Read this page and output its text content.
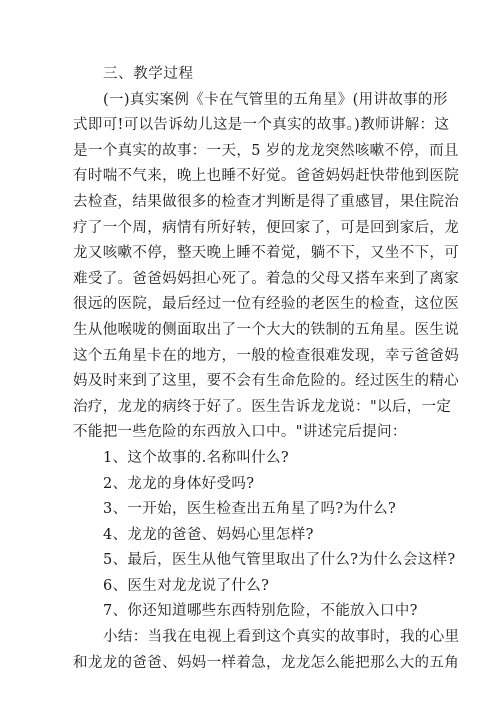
三、教学过程
(一)真实案例《卡在气管里的五角星》(用讲故事的形
式即可!可以告诉幼儿这是一个真实的故事。)教师讲解：这
是一个真实的故事：一天，5 岁的龙龙突然咳嗽不停，而且
有时喘不气来，晚上也睡不好觉。爸爸妈妈赶快带他到医院
去检查，结果做很多的检查才判断是得了重感冒，果住院治
疗了一个周，病情有所好转，便回家了，可是回到家后，龙
龙又咳嗽不停，整天晚上睡不着觉，躺不下，又坐不下，可
难受了。爸爸妈妈担心死了。着急的父母又搭车来到了离家
很远的医院，最后经过一位有经验的老医生的检查，这位医
生从他喉咙的侧面取出了一个大大的铁制的五角星。医生说
这个五角星卡在的地方，一般的检查很难发现，幸亏爸爸妈
妈及时来到了这里，要不会有生命危险的。经过医生的精心
治疗，龙龙的病终于好了。医生告诉龙龙说："以后，一定
不能把一些危险的东西放入口中。"讲述完后提问：
1、这个故事的.名称叫什么?
2、龙龙的身体好受吗?
3、一开始，医生检查出五角星了吗?为什么?
4、龙龙的爸爸、妈妈心里怎样?
5、最后，医生从他气管里取出了什么?为什么会这样?
6、医生对龙龙说了什么?
7、你还知道哪些东西特别危险，不能放入口中?
小结：当我在电视上看到这个真实的故事时，我的心里
和龙龙的爸爸、妈妈一样着急，龙龙怎么能把那么大的五角
